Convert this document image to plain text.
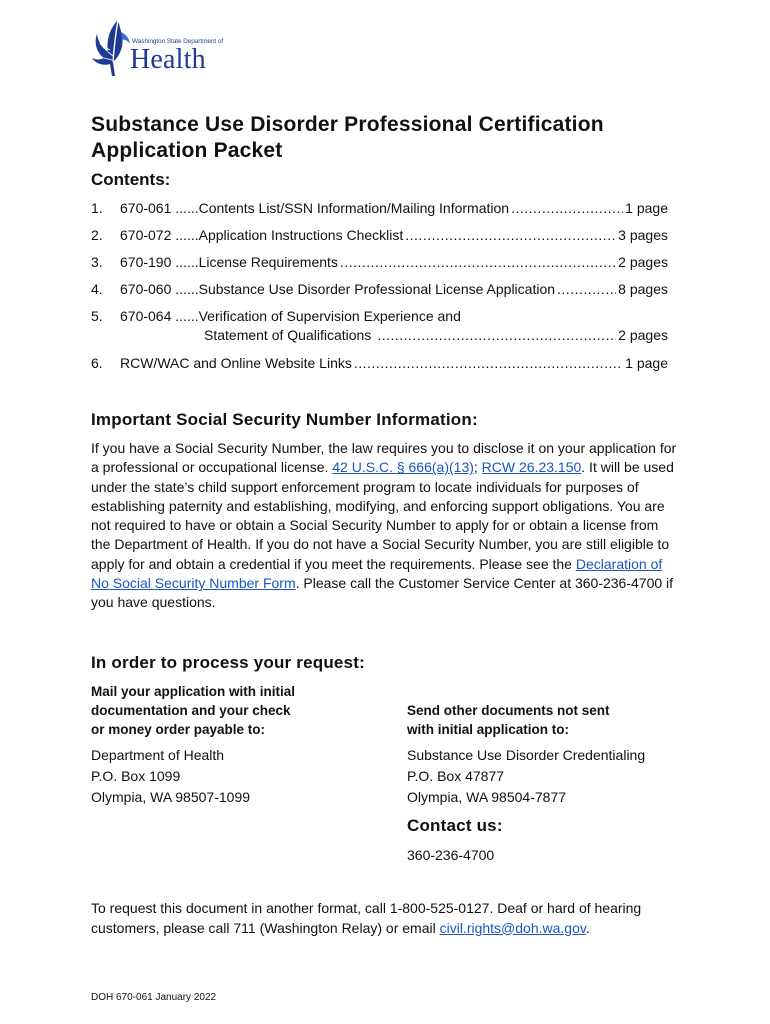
Washington State Department of
Health
Substance Use Disorder Professional Certification
Application Packet
Contents:
1. 670-061 ......Contents List/SSN Information/Mailing Information .....	1 page
2. 670-072 ......Application Instructions Checklist .....	3 pages
3. 670-190 ......License Requirements .....	2 pages
4. 670-060 ......Substance Use Disorder Professional License Application .....	8 pages
5. 670-064 ......Verification of Supervision Experience and
Statement of Qualifications .....	2 pages
6. RCW/WAC and Online Website Links .....	1 page
Important Social Security Number Information:
If you have a Social Security Number, the law requires you to disclose it on your application for a professional or occupational license. 42 U.S.C. § 666(a)(13); RCW 26.23.150. It will be used under the state’s child support enforcement program to locate individuals for purposes of establishing paternity and establishing, modifying, and enforcing support obligations. You are not required to have or obtain a Social Security Number to apply for or obtain a license from the Department of Health. If you do not have a Social Security Number, you are still eligible to apply for and obtain a credential if you meet the requirements. Please see the Declaration of No Social Security Number Form. Please call the Customer Service Center at 360-236-4700 if you have questions.
In order to process your request:
Mail your application with initial
documentation and your check
or money order payable to:
Department of Health
P.O. Box 1099
Olympia, WA 98507-1099
Send other documents not sent
with initial application to:
Substance Use Disorder Credentialing
P.O. Box 47877
Olympia, WA 98504-7877
Contact us:
360-236-4700
To request this document in another format, call 1-800-525-0127. Deaf or hard of hearing customers, please call 711 (Washington Relay) or email civil.rights@doh.wa.gov.
DOH 670-061 January 2022
